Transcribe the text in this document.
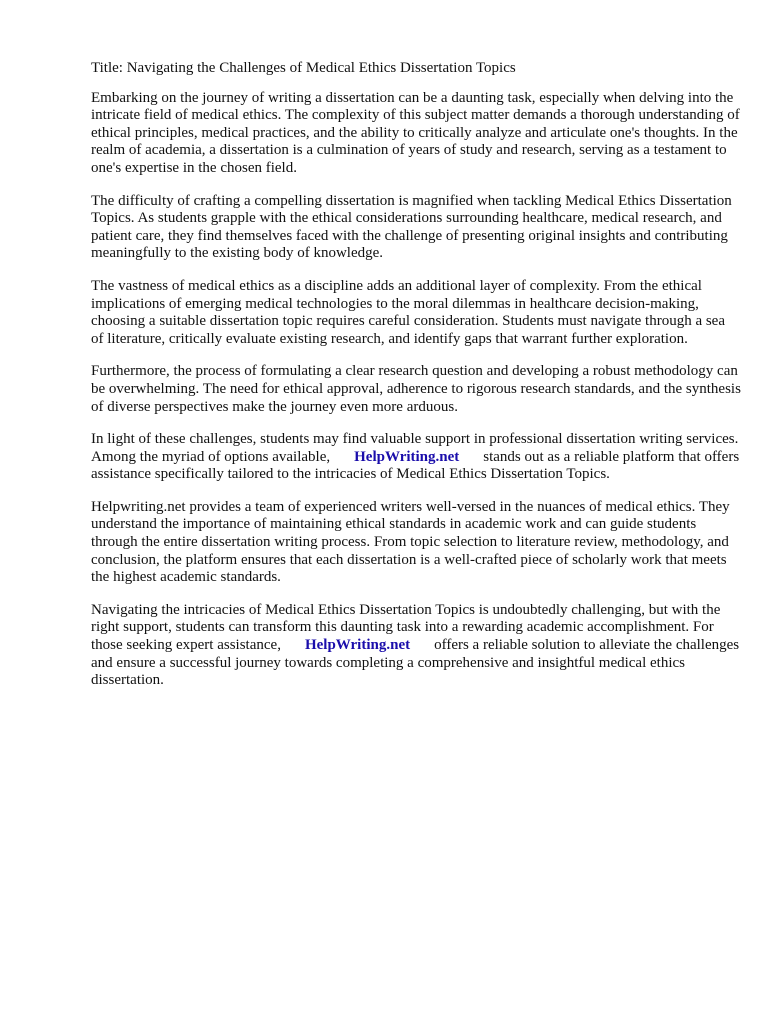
Title: Navigating the Challenges of Medical Ethics Dissertation Topics

Embarking on the journey of writing a dissertation can be a daunting task, especially when delving into the intricate field of medical ethics. The complexity of this subject matter demands a thorough understanding of ethical principles, medical practices, and the ability to critically analyze and articulate one's thoughts. In the realm of academia, a dissertation is a culmination of years of study and research, serving as a testament to one's expertise in the chosen field.

The difficulty of crafting a compelling dissertation is magnified when tackling Medical Ethics Dissertation Topics. As students grapple with the ethical considerations surrounding healthcare, medical research, and patient care, they find themselves faced with the challenge of presenting original insights and contributing meaningfully to the existing body of knowledge.

The vastness of medical ethics as a discipline adds an additional layer of complexity. From the ethical implications of emerging medical technologies to the moral dilemmas in healthcare decision-making, choosing a suitable dissertation topic requires careful consideration. Students must navigate through a sea of literature, critically evaluate existing research, and identify gaps that warrant further exploration.

Furthermore, the process of formulating a clear research question and developing a robust methodology can be overwhelming. The need for ethical approval, adherence to rigorous research standards, and the synthesis of diverse perspectives make the journey even more arduous.

In light of these challenges, students may find valuable support in professional dissertation writing services. Among the myriad of options available, HelpWriting.net stands out as a reliable platform that offers assistance specifically tailored to the intricacies of Medical Ethics Dissertation Topics.

Helpwriting.net provides a team of experienced writers well-versed in the nuances of medical ethics. They understand the importance of maintaining ethical standards in academic work and can guide students through the entire dissertation writing process. From topic selection to literature review, methodology, and conclusion, the platform ensures that each dissertation is a well-crafted piece of scholarly work that meets the highest academic standards.

Navigating the intricacies of Medical Ethics Dissertation Topics is undoubtedly challenging, but with the right support, students can transform this daunting task into a rewarding academic accomplishment. For those seeking expert assistance, HelpWriting.net offers a reliable solution to alleviate the challenges and ensure a successful journey towards completing a comprehensive and insightful medical ethics dissertation.
